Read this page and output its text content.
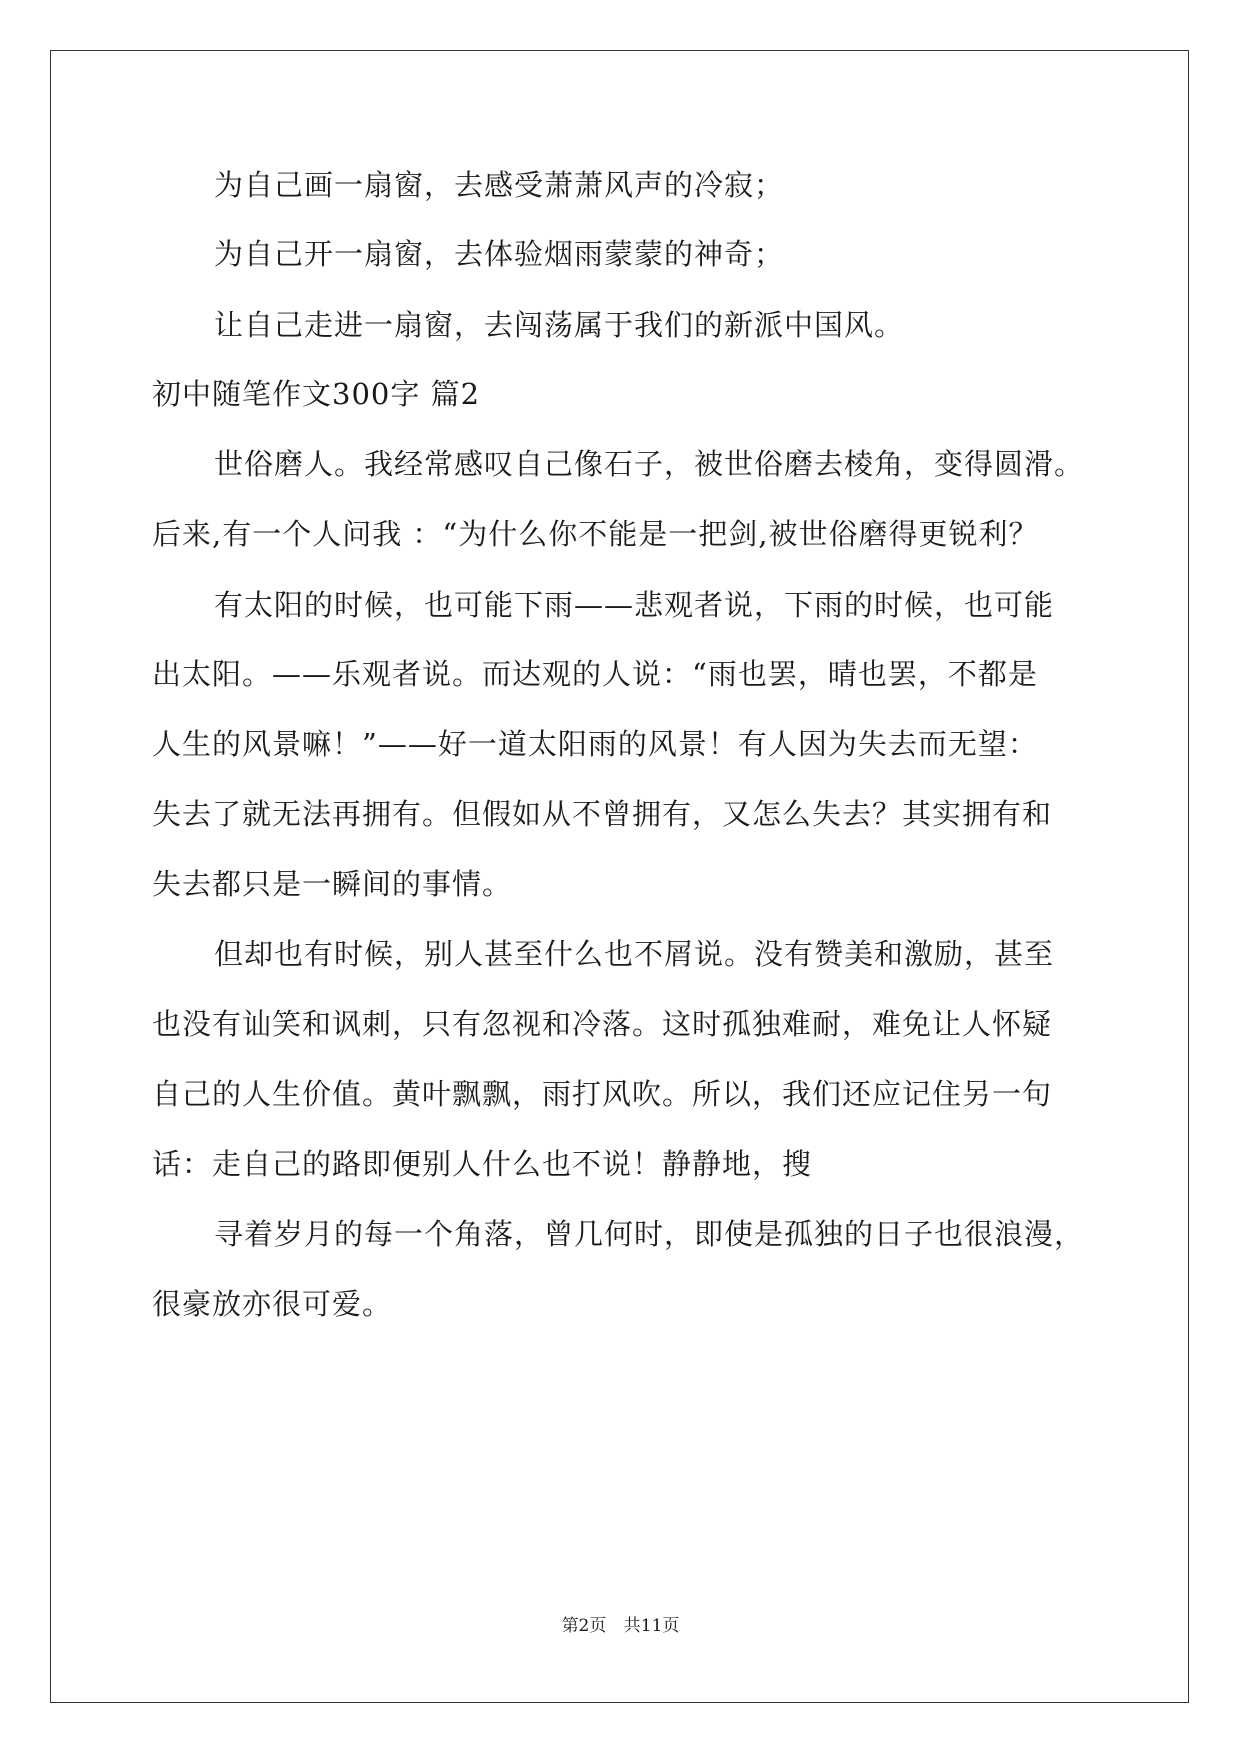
为自己画一扇窗，去感受萧萧风声的冷寂；

为自己开一扇窗，去体验烟雨蒙蒙的神奇；

让自己走进一扇窗，去闯荡属于我们的新派中国风。

初中随笔作文300字 篇2

世俗磨人。我经常感叹自己像石子，被世俗磨去棱角，变得圆滑。

后来,有一个人问我 ：“为什么你不能是一把剑,被世俗磨得更锐利？

有太阳的时候，也可能下雨——悲观者说，下雨的时候，也可能

出太阳。——乐观者说。而达观的人说：“雨也罢，晴也罢，不都是

人生的风景嘛！”——好一道太阳雨的风景！有人因为失去而无望：

失去了就无法再拥有。但假如从不曾拥有，又怎么失去？其实拥有和

失去都只是一瞬间的事情。

但却也有时候，别人甚至什么也不屑说。没有赞美和激励，甚至

也没有讪笑和讽刺，只有忽视和冷落。这时孤独难耐，难免让人怀疑

自己的人生价值。黄叶飘飘，雨打风吹。所以，我们还应记住另一句

话：走自己的路即便别人什么也不说！静静地，搜

寻着岁月的每一个角落，曾几何时，即使是孤独的日子也很浪漫，

很豪放亦很可爱。

第2页 共11页
